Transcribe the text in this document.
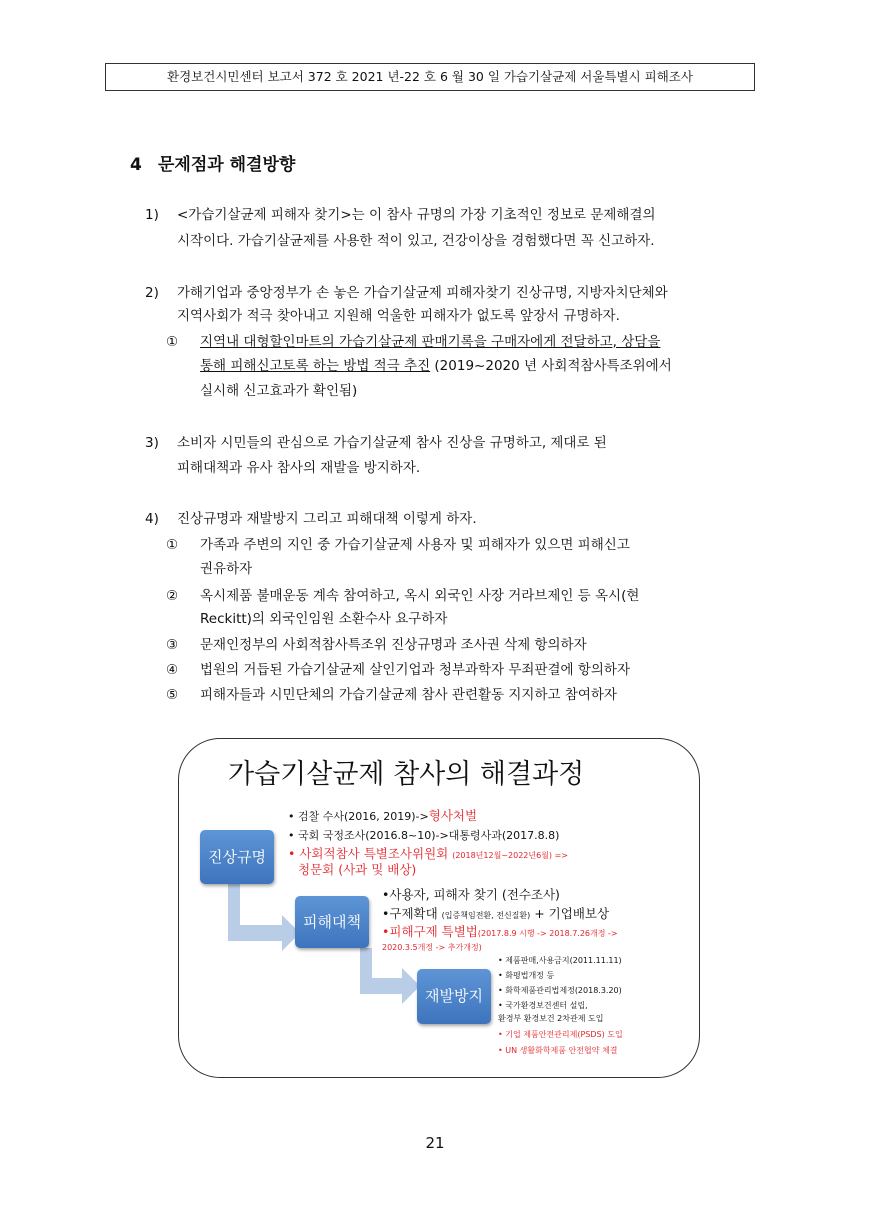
환경보건시민센터 보고서 372 호 2021 년-22 호 6 월 30 일 가습기살균제 서울특별시 피해조사
4 문제점과 해결방향
1) <가습기살균제 피해자 찾기>는 이 참사 규명의 가장 기초적인 정보로 문제해결의
시작이다. 가습기살균제를 사용한 적이 있고, 건강이상을 경험했다면 꼭 신고하자.
2) 가해기업과 중앙정부가 손 놓은 가습기살균제 피해자찾기 진상규명, 지방자치단체와
지역사회가 적극 찾아내고 지원해 억울한 피해자가 없도록 앞장서 규명하자.
① 지역내 대형할인마트의 가습기살균제 판매기록을 구매자에게 전달하고, 상담을
통해 피해신고토록 하는 방법 적극 추진 (2019~2020 년 사회적참사특조위에서
실시해 신고효과가 확인됨)
3) 소비자 시민들의 관심으로 가습기살균제 참사 진상을 규명하고, 제대로 된
피해대책과 유사 참사의 재발을 방지하자.
4) 진상규명과 재발방지 그리고 피해대책 이렇게 하자.
① 가족과 주변의 지인 중 가습기살균제 사용자 및 피해자가 있으면 피해신고
권유하자
② 옥시제품 불매운동 계속 참여하고, 옥시 외국인 사장 거라브제인 등 옥시(현
Reckitt)의 외국인임원 소환수사 요구하자
③ 문재인정부의 사회적참사특조위 진상규명과 조사권 삭제 항의하자
④ 법원의 거듭된 가습기살균제 살인기업과 청부과학자 무죄판결에 항의하자
⑤ 피해자들과 시민단체의 가습기살균제 참사 관련활동 지지하고 참여하자
가습기살균제 참사의 해결과정
진상규명
피해대책
재발방지
• 검찰 수사(2016, 2019)->형사처벌
• 국회 국정조사(2016.8~10)->대통령사과(2017.8.8)
• 사회적참사 특별조사위원회 (2018년12월~2022년6월) =>
청문회 (사과 및 배상)
•사용자, 피해자 찾기 (전수조사)
•구제확대 (입증책임전환, 전신질환) + 기업배보상
•피해구제 특별법(2017.8.9 시행 -> 2018.7.26개정 ->
2020.3.5개정 -> 추가개정)
• 제품판매,사용금지(2011.11.11)
• 화평법개정 등
• 화학제품관리법제정(2018.3.20)
• 국가환경보건센터 설립,
환경부 환경보건 2차관제 도입
• 기업 제품안전관리제(PSDS) 도입
• UN 생활화학제품 안전협약 체결
21
